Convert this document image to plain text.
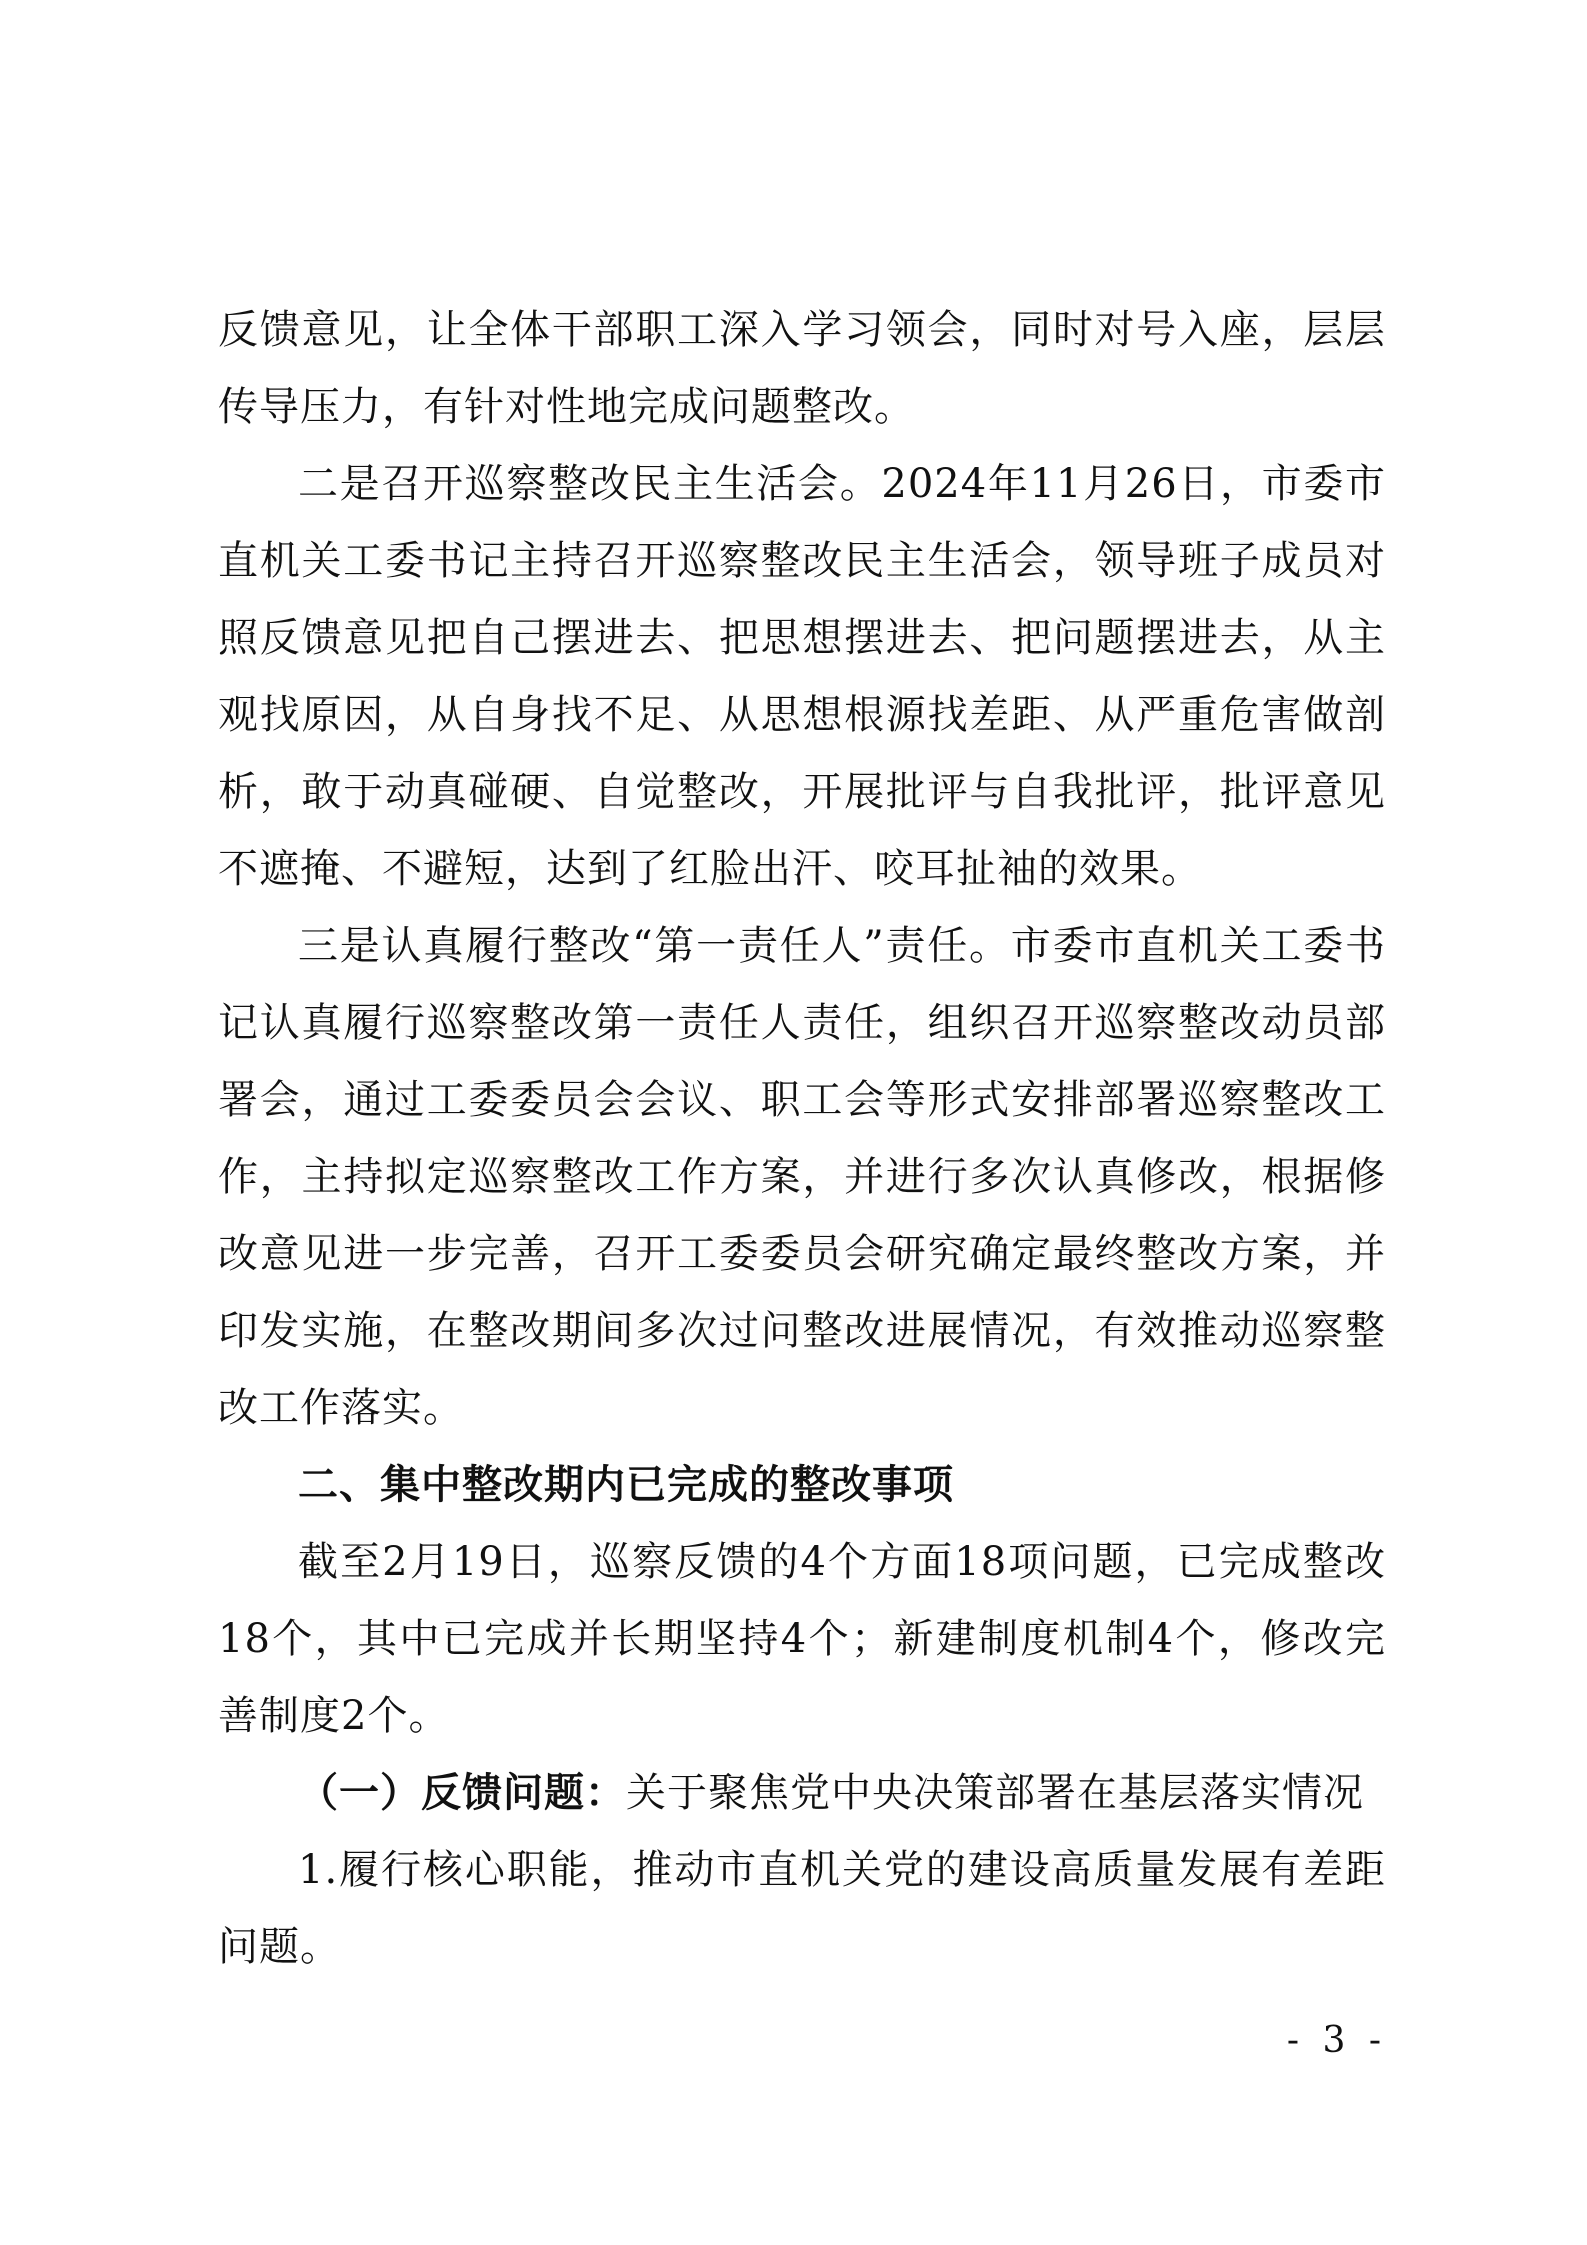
反馈意见，让全体干部职工深入学习领会，同时对号入座，层层传导压力，有针对性地完成问题整改。

二是召开巡察整改民主生活会。2024年11月26日，市委市直机关工委书记主持召开巡察整改民主生活会，领导班子成员对照反馈意见把自己摆进去、把思想摆进去、把问题摆进去，从主观找原因，从自身找不足、从思想根源找差距、从严重危害做剖析，敢于动真碰硬、自觉整改，开展批评与自我批评，批评意见不遮掩、不避短，达到了红脸出汗、咬耳扯袖的效果。

三是认真履行整改“第一责任人”责任。市委市直机关工委书记认真履行巡察整改第一责任人责任，组织召开巡察整改动员部署会，通过工委委员会会议、职工会等形式安排部署巡察整改工作，主持拟定巡察整改工作方案，并进行多次认真修改，根据修改意见进一步完善，召开工委委员会研究确定最终整改方案，并印发实施，在整改期间多次过问整改进展情况，有效推动巡察整改工作落实。

二、集中整改期内已完成的整改事项

截至2月19日，巡察反馈的4个方面18项问题，已完成整改18个，其中已完成并长期坚持4个；新建制度机制4个，修改完善制度2个。

（一）反馈问题：关于聚焦党中央决策部署在基层落实情况

1.履行核心职能，推动市直机关党的建设高质量发展有差距问题。

- 3 -
